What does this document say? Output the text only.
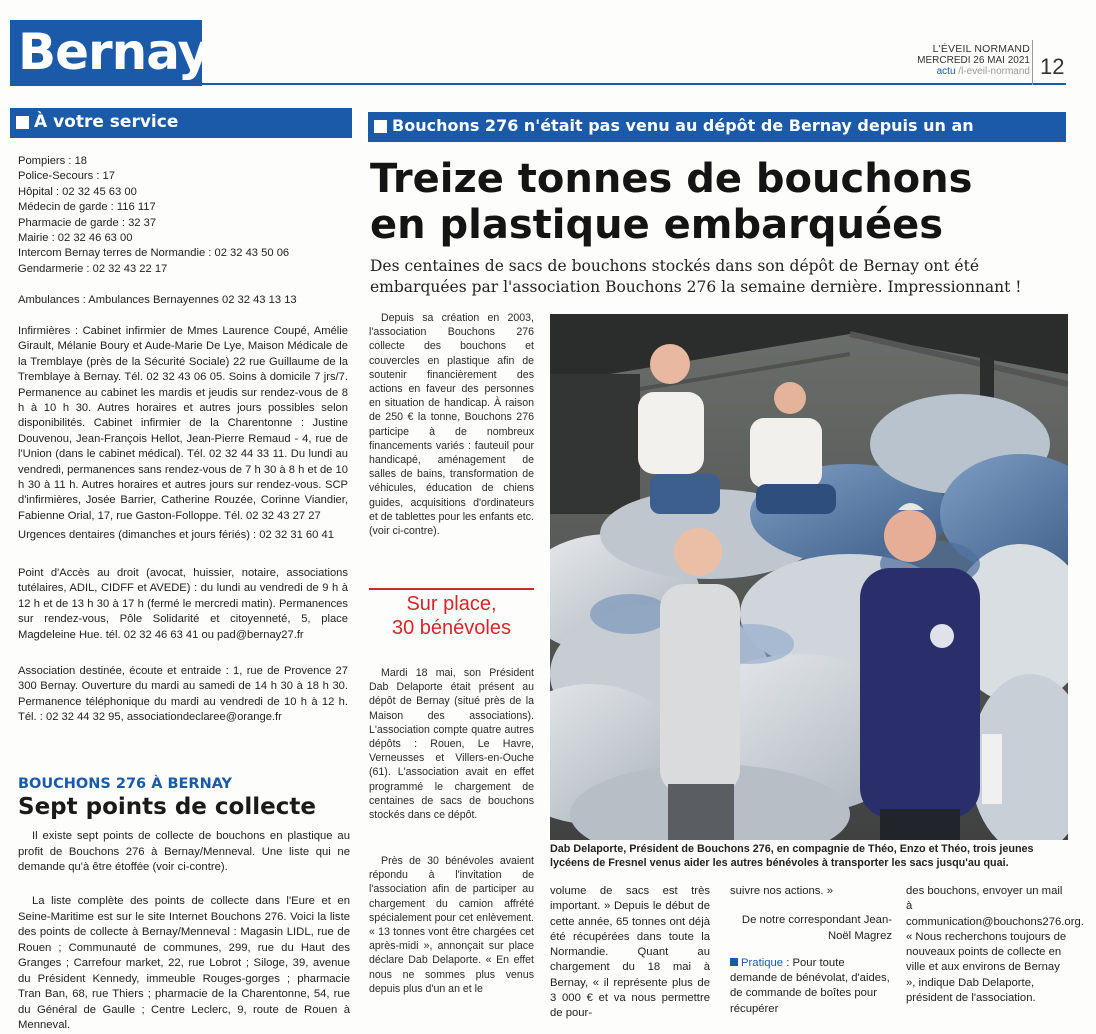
Bernay	L'ÉVEIL NORMAND
MERCREDI 26 MAI 2021
actu /l-eveil-normand 12
À votre service	Bouchons 276 n'était pas venu au dépôt de Bernay depuis un an

Pompiers : 18

Police-Secours : 17

Hôpital : 02 32 45 63 00

Médecin de garde : 116 117

Pharmacie de garde : 32 37

Mairie : 02 32 46 63 00

Intercom Bernay terres de Normandie : 02 32 43 50 06

Gendarmerie : 02 32 43 22 17

Ambulances : Ambulances Bernayennes 02 32 43 13 13
Infirmières : Cabinet infirmier de Mmes Laurence Coupé, Amélie Girault, Mélanie Boury et Aude-Marie De Lye, Maison Médicale de la Tremblaye (près de la Sécurité Sociale) 22 rue Guillaume de la Tremblaye à Bernay. Tél. 02 32 43 06 05. Soins à domicile 7 jrs/7. Permanence au cabinet les mardis et jeudis sur rendez-vous de 8 h à 10 h 30. Autres horaires et autres jours possibles selon disponibilités. Cabinet infirmier de la Charentonne : Justine Douvenou, Jean-François Hellot, Jean-Pierre Remaud - 4, rue de l'Union (dans le cabinet médical). Tél. 02 32 44 33 11. Du lundi au vendredi, permanences sans rendez-vous de 7 h 30 à 8 h et de 10 h 30 à 11 h. Autres horaires et autres jours sur rendez-vous. SCP d'infirmières, Josée Barrier, Catherine Rouzée, Corinne Viandier, Fabienne Orial, 17, rue Gaston-Folloppe. Tél. 02 32 43 27 27
Urgences dentaires (dimanches et jours fériés) : 02 32 31 60 41
Point d'Accès au droit (avocat, huissier, notaire, associations tutélaires, ADIL, CIDFF et AVEDE) : du lundi au vendredi de 9 h à 12 h et de 13 h 30 à 17 h (fermé le mercredi matin). Permanences sur rendez-vous, Pôle Solidarité et citoyenneté, 5, place Magdeleine Hue. tél. 02 32 46 63 41 ou pad@bernay27.fr
Association destinée, écoute et entraide : 1, rue de Provence 27 300 Bernay. Ouverture du mardi au samedi de 14 h 30 à 18 h 30. Permanence téléphonique du mardi au vendredi de 10 h à 12 h. Tél. : 02 32 44 32 95, associationdeclaree@orange.fr
BOUCHONS 276 À BERNAY
Sept points de collecte
Il existe sept points de collecte de bouchons en plastique au profit de Bouchons 276 à Bernay/Menneval. Une liste qui ne demande qu'à être étoffée (voir ci-contre).
La liste complète des points de collecte dans l'Eure et en Seine-Maritime est sur le site Internet Bouchons 276. Voici la liste des points de collecte à Bernay/Menneval : Magasin LIDL, rue de Rouen ; Communauté de communes, 299, rue du Haut des Granges ; Carrefour market, 22, rue Lobrot ; Siloge, 39, avenue du Président Kennedy, immeuble Rouges-gorges ; pharmacie Tran Ban, 68, rue Thiers ; pharmacie de la Charentonne, 54, rue du Général de Gaulle ; Centre Leclerc, 9, route de Rouen à Menneval.
Treize tonnes de bouchons
en plastique embarquées
Des centaines de sacs de bouchons stockés dans son dépôt de Bernay ont été embarquées par l'association Bouchons 276 la semaine dernière. Impressionnant !
Depuis sa création en 2003, l'association Bouchons 276 collecte des bouchons et couvercles en plastique afin de soutenir financièrement des actions en faveur des personnes en situation de handicap. À raison de 250 € la tonne, Bouchons 276 participe à de nombreux financements variés : fauteuil pour handicapé, aménagement de salles de bains, transformation de véhicules, éducation de chiens guides, acquisitions d'ordinateurs et de tablettes pour les enfants etc. (voir ci-contre).
Sur place,
30 bénévoles
Mardi 18 mai, son Président Dab Delaporte était présent au dépôt de Bernay (situé près de la Maison des associations). L'association compte quatre autres dépôts : Rouen, Le Havre, Verneusses et Villers-en-Ouche (61). L'association avait en effet programmé le chargement de centaines de sacs de bouchons stockés dans ce dépôt.
Près de 30 bénévoles avaient répondu à l'invitation de l'association afin de participer au chargement du camion affrété spécialement pour cet enlèvement. « 13 tonnes vont être chargées cet après-midi », annonçait sur place déclare Dab Delaporte. « En effet nous ne sommes plus venus depuis plus d'un an et le
Dab Delaporte, Président de Bouchons 276, en compagnie de Théo, Enzo et Théo, trois jeunes lycéens de Fresnel venus aider les autres bénévoles à transporter les sacs jusqu'au quai.
volume de sacs est très important. » Depuis le début de cette année, 65 tonnes ont déjà été récupérées dans toute la Normandie. Quant au chargement du 18 mai à Bernay, « il représente plus de 3 000 € et va nous permettre de pour-
suivre nos actions. »
De notre correspondant Jean-Noël Magrez
Pratique : Pour toute demande de bénévolat, d'aides, de commande de boîtes pour récupérer
des bouchons, envoyer un mail à communication@bouchons276.org. « Nous recherchons toujours de nouveaux points de collecte en ville et aux environs de Bernay », indique Dab Delaporte, président de l'association.
